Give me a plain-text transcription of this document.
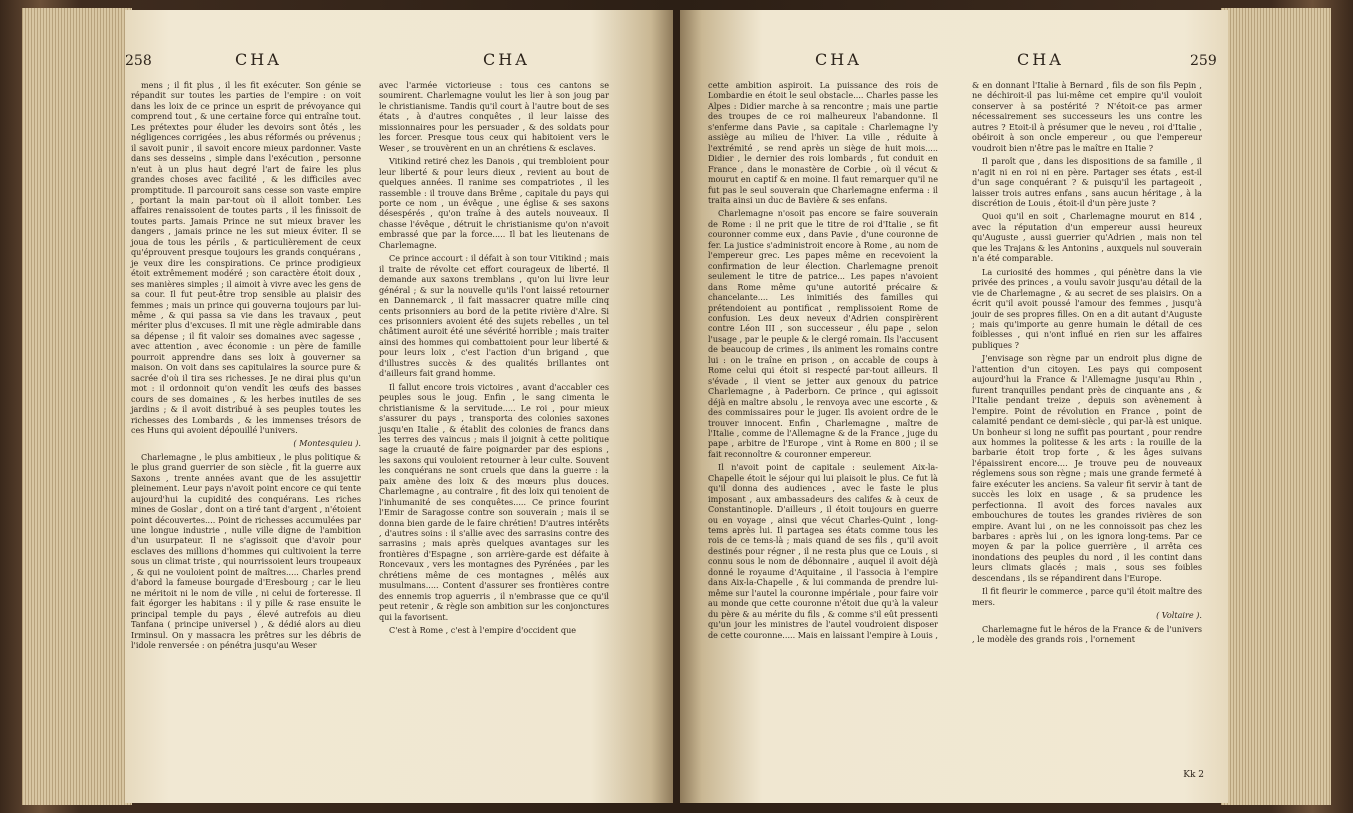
258	CHA	CHA

mens ; il fit plus , il les fit exécuter. Son génie se répandit sur toutes les parties de l'empire : on voit dans les loix de ce prince un esprit de prévoyance qui comprend tout , & une certaine force qui entraîne tout. Les prétextes pour éluder les devoirs sont ôtés , les négligences corrigées , les abus réformés ou prévenus ; il savoit punir , il savoit encore mieux pardonner. Vaste dans ses desseins , simple dans l'exécution , personne n'eut à un plus haut degré l'art de faire les plus grandes choses avec facilité , & les difficiles avec promptitude. Il parcouroit sans cesse son vaste empire , portant la main par-tout où il alloit tomber. Les affaires renaissoient de toutes parts , il les finissoit de toutes parts. Jamais Prince ne sut mieux braver les dangers , jamais prince ne les sut mieux éviter. Il se joua de tous les périls , & particulièrement de ceux qu'éprouvent presque toujours les grands conquérans , je veux dire les conspirations. Ce prince prodigieux étoit extrêmement modéré ; son caractère étoit doux , ses manières simples ; il aimoit à vivre avec les gens de sa cour. Il fut peut-être trop sensible au plaisir des femmes ; mais un prince qui gouverna toujours par lui-même , & qui passa sa vie dans les travaux , peut mériter plus d'excuses. Il mit une règle admirable dans sa dépense ; il fit valoir ses domaines avec sagesse , avec attention , avec économie : un père de famille pourroit apprendre dans ses loix à gouverner sa maison. On voit dans ses capitulaires la source pure & sacrée d'où il tira ses richesses. Je ne dirai plus qu'un mot : il ordonnoit qu'on vendît les œufs des basses cours de ses domaines , & les herbes inutiles de ses jardins ; & il avoit distribué à ses peuples toutes les richesses des Lombards , & les immenses trésors de ces Huns qui avoient dépouillé l'univers.

( Montesquieu ).

Charlemagne , le plus ambitieux , le plus politique & le plus grand guerrier de son siècle , fit la guerre aux Saxons , trente années avant que de les assujettir pleinement. Leur pays n'avoit point encore ce qui tente aujourd'hui la cupidité des conquérans. Les riches mines de Goslar , dont on a tiré tant d'argent , n'étoient point découvertes.... Point de richesses accumulées par une longue industrie , nulle ville digne de l'ambition d'un usurpateur. Il ne s'agissoit que d'avoir pour esclaves des millions d'hommes qui cultivoient la terre sous un climat triste , qui nourrissoient leurs troupeaux , & qui ne vouloient point de maîtres..... Charles prend d'abord la fameuse bourgade d'Eresbourg ; car le lieu ne méritoit ni le nom de ville , ni celui de forteresse. Il fait égorger les habitans : il y pille & rase ensuite le principal temple du pays , élevé autrefois au dieu Tanfana ( principe universel ) , & dédié alors au dieu Irminsul. On y massacra les prêtres sur les débris de l'idole renversée : on pénétra jusqu'au Weser

avec l'armée victorieuse : tous ces cantons se soumirent. Charlemagne voulut les lier à son joug par le christianisme. Tandis qu'il court à l'autre bout de ses états , à d'autres conquêtes , il leur laisse des missionnaires pour les persuader , & des soldats pour les forcer. Presque tous ceux qui habitoient vers le Weser , se trouvèrent en un an chrétiens & esclaves.

Vitikind retiré chez les Danois , qui trembloient pour leur liberté & pour leurs dieux , revient au bout de quelques années. Il ranime ses compatriotes , il les rassemble : il trouve dans Brême , capitale du pays qui porte ce nom , un évêque , une église & ses saxons désespérés , qu'on traîne à des autels nouveaux. Il chasse l'évêque , détruit le christianisme qu'on n'avoit embrassé que par la force..... Il bat les lieutenans de Charlemagne.

Ce prince accourt : il défait à son tour Vitikind ; mais il traite de révolte cet effort courageux de liberté. Il demande aux saxons tremblans , qu'on lui livre leur général ; & sur la nouvelle qu'ils l'ont laissé retourner en Dannemarck , il fait massacrer quatre mille cinq cents prisonniers au bord de la petite rivière d'Alre. Si ces prisonniers avoient été des sujets rebelles , un tel châtiment auroit été une sévérité horrible ; mais traiter ainsi des hommes qui combattoient pour leur liberté & pour leurs loix , c'est l'action d'un brigand , que d'illustres succès & des qualités brillantes ont d'ailleurs fait grand homme.

Il fallut encore trois victoires , avant d'accabler ces peuples sous le joug. Enfin , le sang cimenta le christianisme & la servitude..... Le roi , pour mieux s'assurer du pays , transporta des colonies saxones jusqu'en Italie , & établit des colonies de francs dans les terres des vaincus ; mais il joignit à cette politique sage la cruauté de faire poignarder par des espions , les saxons qui vouloient retourner à leur culte. Souvent les conquérans ne sont cruels que dans la guerre : la paix amène des loix & des mœurs plus douces. Charlemagne , au contraire , fit des loix qui tenoient de l'inhumanité de ses conquêtes..... Ce prince fourint l'Emir de Saragosse contre son souverain ; mais il se donna bien garde de le faire chrétien! D'autres intérêts , d'autres soins : il s'allie avec des sarrasins contre des sarrasins ; mais après quelques avantages sur les frontières d'Espagne , son arrière-garde est défaite à Roncevaux , vers les montagnes des Pyrénées , par les chrétiens même de ces montagnes , mêlés aux musulmans..... Content d'assurer ses frontières contre des ennemis trop aguerris , il n'embrasse que ce qu'il peut retenir , & règle son ambition sur les conjonctures qui la favorisent.

C'est à Rome , c'est à l'empire d'occident que

CHA	CHA	259

cette ambition aspiroit. La puissance des rois de Lombardie en étoit le seul obstacle.... Charles passe les Alpes : Didier marche à sa rencontre ; mais une partie des troupes de ce roi malheureux l'abandonne. Il s'enferme dans Pavie , sa capitale : Charlemagne l'y assiège au milieu de l'hiver. La ville , réduite à l'extrémité , se rend après un siège de huit mois..... Didier , le dernier des rois lombards , fut conduit en France , dans le monastère de Corbie , où il vécut & mourut en captif & en moine. Il faut remarquer qu'il ne fut pas le seul souverain que Charlemagne enferma : il traita ainsi un duc de Bavière & ses enfans.

Charlemagne n'osoit pas encore se faire souverain de Rome : il ne prit que le titre de roi d'Italie , se fit couronner comme eux , dans Pavie , d'une couronne de fer. La justice s'administroit encore à Rome , au nom de l'empereur grec. Les papes même en recevoient la confirmation de leur élection. Charlemagne prenoit seulement le titre de patrice... Les papes n'avoient dans Rome même qu'une autorité précaire & chancelante.... Les inimitiés des familles qui prétendoient au pontificat , remplissoient Rome de confusion. Les deux neveux d'Adrien conspirèrent contre Léon III , son successeur , élu pape , selon l'usage , par le peuple & le clergé romain. Ils l'accusent de beaucoup de crimes , ils animent les romains contre lui : on le traîne en prison , on accable de coups à Rome celui qui étoit si respecté par-tout ailleurs. Il s'évade , il vient se jetter aux genoux du patrice Charlemagne , à Paderborn. Ce prince , qui agissoit déjà en maître absolu , le renvoya avec une escorte , & des commissaires pour le juger. Ils avoient ordre de le trouver innocent. Enfin , Charlemagne , maître de l'Italie , comme de l'Allemagne & de la France , juge du pape , arbitre de l'Europe , vint à Rome en 800 ; il se fait reconnoître & couronner empereur.

Il n'avoit point de capitale : seulement Aix-la-Chapelle étoit le séjour qui lui plaisoit le plus. Ce fut là qu'il donna des audiences , avec le faste le plus imposant , aux ambassadeurs des califes & à ceux de Constantinople. D'ailleurs , il étoit toujours en guerre ou en voyage , ainsi que vécut Charles-Quint , long-tems après lui. Il partagea ses états comme tous les rois de ce tems-là ; mais quand de ses fils , qu'il avoit destinés pour régner , il ne resta plus que ce Louis , si connu sous le nom de débonnaire , auquel il avoit déjà donné le royaume d'Aquitaine , il l'associa à l'empire dans Aix-la-Chapelle , & lui commanda de prendre lui-même sur l'autel la couronne impériale , pour faire voir au monde que cette couronne n'étoit due qu'à la valeur du père & au mérite du fils , & comme s'il eût pressenti qu'un jour les ministres de l'autel voudroient disposer de cette couronne..... Mais en laissant l'empire à Louis ,

& en donnant l'Italie à Bernard , fils de son fils Pepin , ne déchiroit-il pas lui-même cet empire qu'il vouloit conserver à sa postérité ? N'étoit-ce pas armer nécessairement ses successeurs les uns contre les autres ? Etoit-il à présumer que le neveu , roi d'Italie , obéiroit à son oncle empereur , ou que l'empereur voudroit bien n'être pas le maître en Italie ?

Il paroît que , dans les dispositions de sa famille , il n'agit ni en roi ni en père. Partager ses états , est-il d'un sage conquérant ? & puisqu'il les partageoit , laisser trois autres enfans , sans aucun héritage , à la discrétion de Louis , étoit-il d'un père juste ?

Quoi qu'il en soit , Charlemagne mourut en 814 , avec la réputation d'un empereur aussi heureux qu'Auguste , aussi guerrier qu'Adrien , mais non tel que les Trajans & les Antonins , auxquels nul souverain n'a été comparable.

La curiosité des hommes , qui pénètre dans la vie privée des princes , a voulu savoir jusqu'au détail de la vie de Charlemagne , & au secret de ses plaisirs. On a écrit qu'il avoit poussé l'amour des femmes , jusqu'à jouir de ses propres filles. On en a dit autant d'Auguste ; mais qu'importe au genre humain le détail de ces foiblesses , qui n'ont influé en rien sur les affaires publiques ?

J'envisage son règne par un endroit plus digne de l'attention d'un citoyen. Les pays qui composent aujourd'hui la France & l'Allemagne jusqu'au Rhin , furent tranquilles pendant près de cinquante ans , & l'Italie pendant treize , depuis son avènement à l'empire. Point de révolution en France , point de calamité pendant ce demi-siècle , qui par-là est unique. Un bonheur si long ne suffit pas pourtant , pour rendre aux hommes la politesse & les arts : la rouille de la barbarie étoit trop forte , & les âges suivans l'épaissirent encore.... Je trouve peu de nouveaux réglemens sous son règne ; mais une grande fermeté à faire exécuter les anciens. Sa valeur fit servir à tant de succès les loix en usage , & sa prudence les perfectionna. Il avoit des forces navales aux embouchures de toutes les grandes rivières de son empire. Avant lui , on ne les connoissoit pas chez les barbares : après lui , on les ignora long-tems. Par ce moyen & par la police guerrière , il arrêta ces inondations des peuples du nord , il les contint dans leurs climats glacés ; mais , sous ses foibles descendans , ils se répandirent dans l'Europe.

Il fit fleurir le commerce , parce qu'il étoit maître des mers.

( Voltaire ).

Charlemagne fut le héros de la France & de l'univers , le modèle des grands rois , l'ornement

Kk 2
